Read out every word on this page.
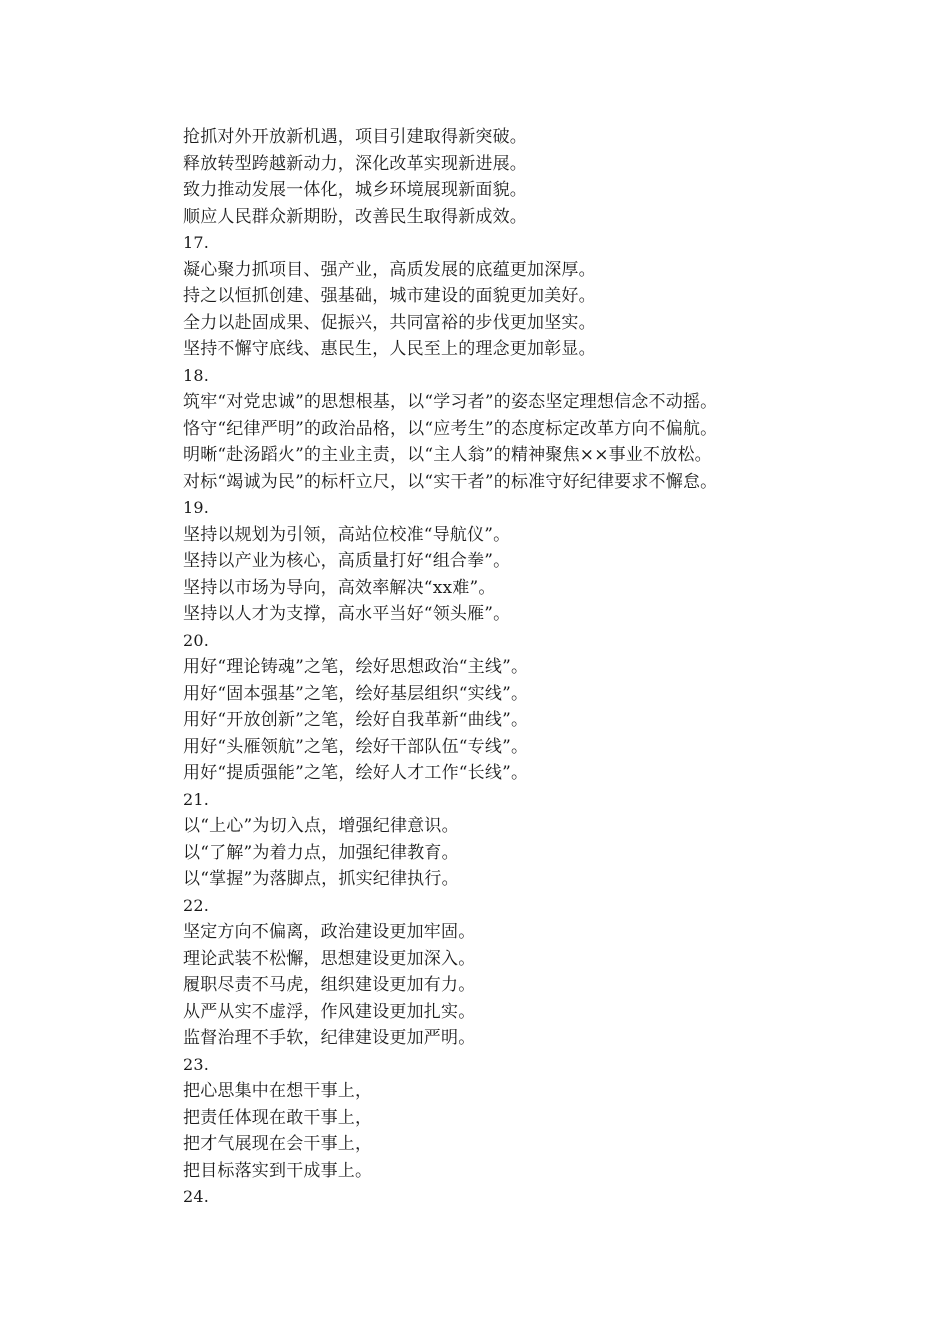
抢抓对外开放新机遇，项目引建取得新突破。
释放转型跨越新动力，深化改革实现新进展。
致力推动发展一体化，城乡环境展现新面貌。
顺应人民群众新期盼，改善民生取得新成效。
17.
凝心聚力抓项目、强产业，高质发展的底蕴更加深厚。
持之以恒抓创建、强基础，城市建设的面貌更加美好。
全力以赴固成果、促振兴，共同富裕的步伐更加坚实。
坚持不懈守底线、惠民生，人民至上的理念更加彰显。
18.
筑牢“对党忠诚”的思想根基，以“学习者”的姿态坚定理想信念不动摇。
恪守“纪律严明”的政治品格，以“应考生”的态度标定改革方向不偏航。
明晰“赴汤蹈火”的主业主责，以“主人翁”的精神聚焦××事业不放松。
对标“竭诚为民”的标杆立尺，以“实干者”的标准守好纪律要求不懈怠。
19.
坚持以规划为引领，高站位校准“导航仪”。
坚持以产业为核心，高质量打好“组合拳”。
坚持以市场为导向，高效率解决“xx难”。
坚持以人才为支撑，高水平当好“领头雁”。
20.
用好“理论铸魂”之笔，绘好思想政治“主线”。
用好“固本强基”之笔，绘好基层组织“实线”。
用好“开放创新”之笔，绘好自我革新“曲线”。
用好“头雁领航”之笔，绘好干部队伍“专线”。
用好“提质强能”之笔，绘好人才工作“长线”。
21.
以“上心”为切入点，增强纪律意识。
以“了解”为着力点，加强纪律教育。
以“掌握”为落脚点，抓实纪律执行。
22.
坚定方向不偏离，政治建设更加牢固。
理论武装不松懈，思想建设更加深入。
履职尽责不马虎，组织建设更加有力。
从严从实不虚浮，作风建设更加扎实。
监督治理不手软，纪律建设更加严明。
23.
把心思集中在想干事上，
把责任体现在敢干事上，
把才气展现在会干事上，
把目标落实到干成事上。
24.
